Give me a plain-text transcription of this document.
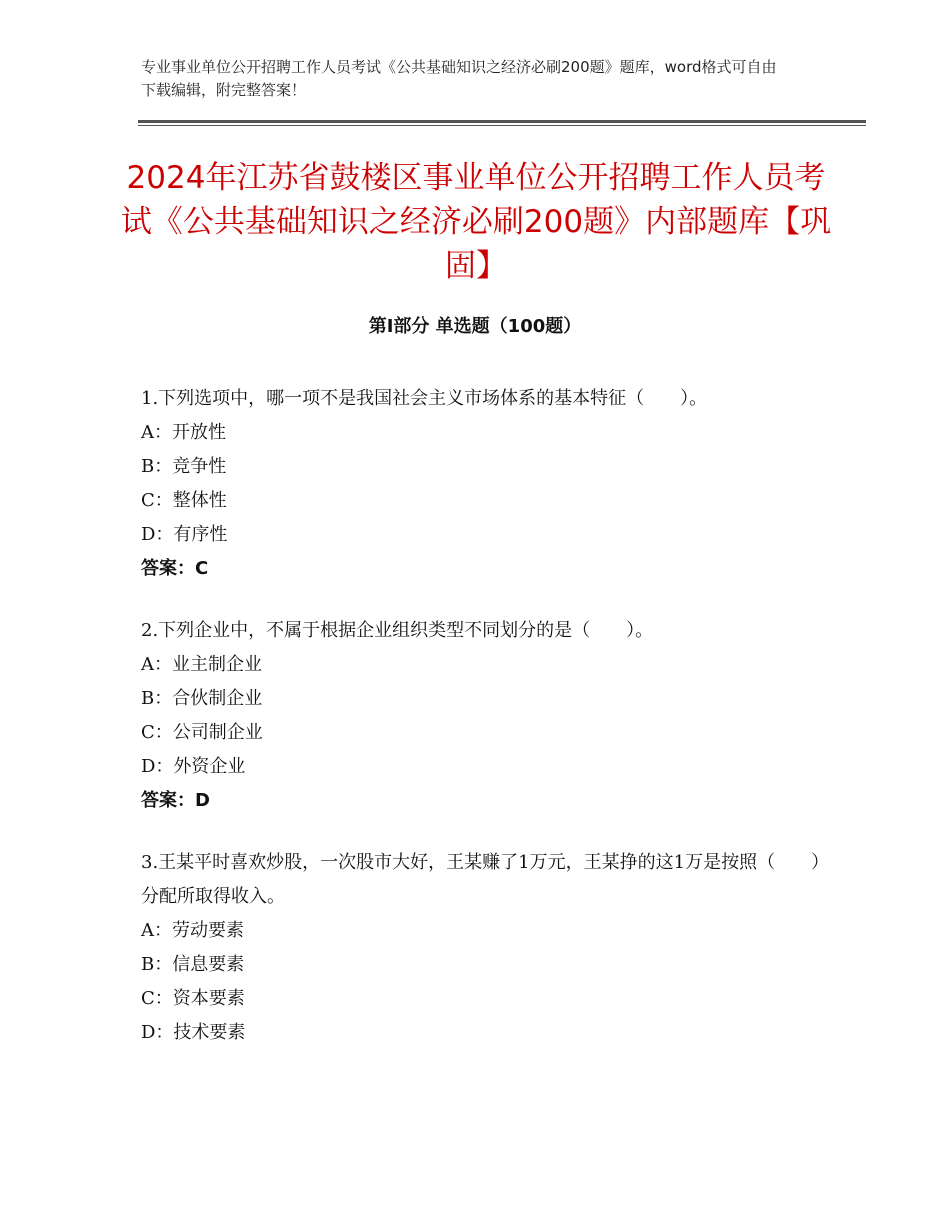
专业事业单位公开招聘工作人员考试《公共基础知识之经济必刷200题》题库，word格式可自由下载编辑，附完整答案！
2024年江苏省鼓楼区事业单位公开招聘工作人员考试《公共基础知识之经济必刷200题》内部题库【巩固】
第Ⅰ部分 单选题（100题）
1.下列选项中，哪一项不是我国社会主义市场体系的基本特征（　　）。
A：开放性
B：竞争性
C：整体性
D：有序性
答案：C
2.下列企业中，不属于根据企业组织类型不同划分的是（　　）。
A：业主制企业
B：合伙制企业
C：公司制企业
D：外资企业
答案：D
3.王某平时喜欢炒股，一次股市大好，王某赚了1万元，王某挣的这1万是按照（　　）分配所取得收入。
A：劳动要素
B：信息要素
C：资本要素
D：技术要素
